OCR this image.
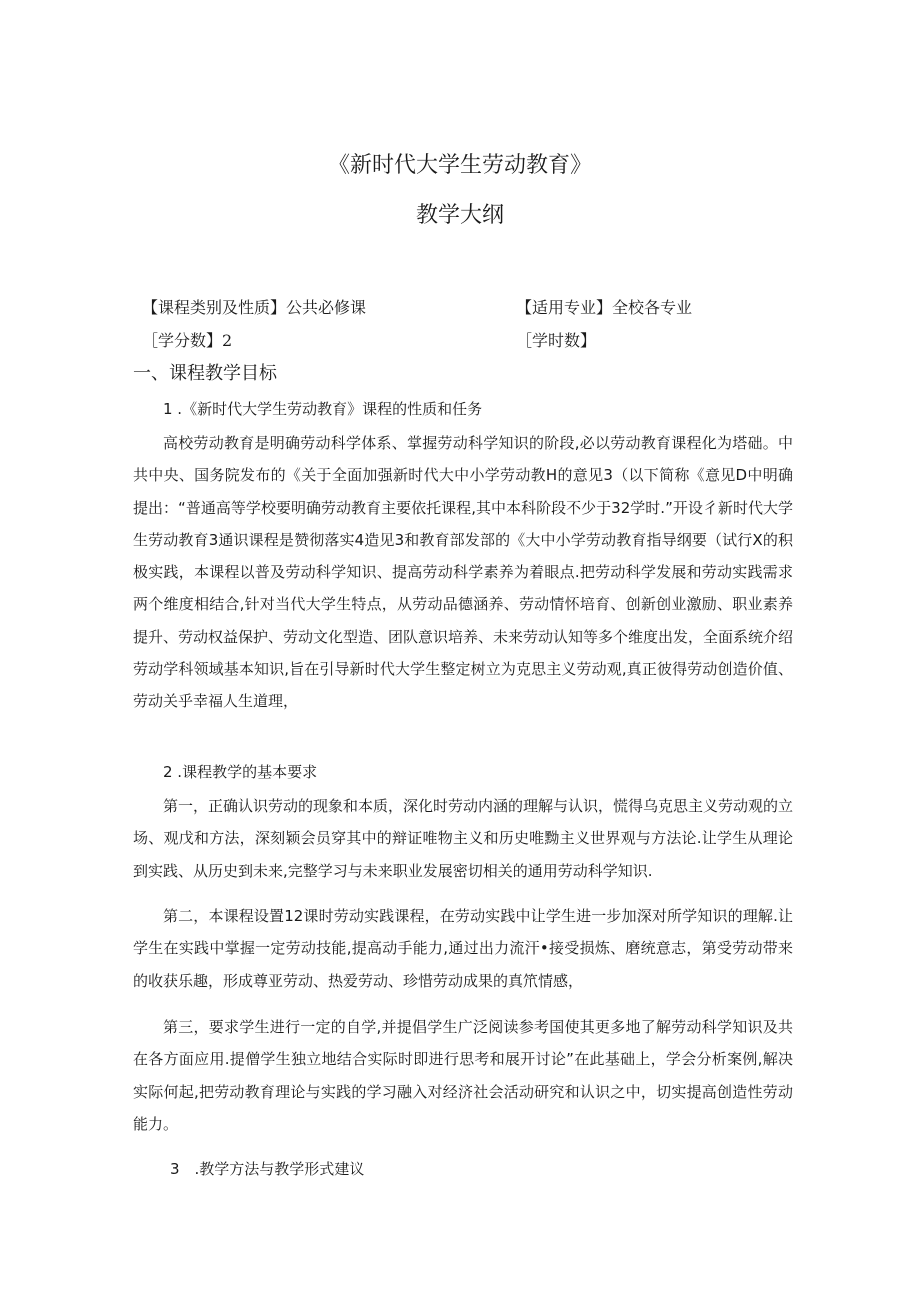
《新时代大学生劳动教育》
教学大纲
【课程类别及性质】公共必修课	【适用专业】全校各专业
［学分数】2	［学时数】
一、课程教学目标
1 .《新时代大学生劳动教育》课程的性质和任务

高校劳动教育是明确劳动科学体系、掌握劳动科学知识的阶段,必以劳动教育课程化为塔础。中共中央、国务院发布的《关于全面加强新时代大中小学劳动教H的意见3（以下简称《意见D中明确提出：“普通高等学校要明确劳动教育主要依托课程,其中本科阶段不少于32学时.”开设彳新时代大学生劳动教育3通识课程是赞彻落实4造见3和教育部发部的《大中小学劳动教育指导纲要（试行X的积极实践，本课程以普及劳动科学知识、提高劳动科学素养为着眼点.把劳动科学发展和劳动实践需求两个维度相结合,针对当代大学生特点，从劳动品德涵养、劳动情怀培育、创新创业激励、职业素养提升、劳动权益保护、劳动文化型造、团队意识培养、未来劳动认知等多个维度出发，全面系统介绍劳动学科领域基本知识,旨在引导新时代大学生整定树立为克思主义劳动观,真正彼得劳动创造价值、劳动关乎幸福人生道理，

2 .课程教学的基本要求

第一，正确认识劳动的现象和本质，深化时劳动内涵的理解与认识，慌得乌克思主义劳动观的立场、观戊和方法，深刻颖会员穿其中的辩证唯物主义和历史唯黝主义世界观与方法论.让学生从理论到实践、从历史到未来,完整学习与未来职业发展密切相关的通用劳动科学知识.

第二，本课程设置12课时劳动实践课程，在劳动实践中让学生进一步加深对所学知识的理解.让学生在实践中掌握一定劳动技能,提高动手能力,通过出力流汗•接受损炼、磨统意志，第受劳动带来的收获乐趣，形成尊亚劳动、热爱劳动、珍惜劳动成果的真笊情感，

第三，要求学生进行一定的自学,并提倡学生广泛阅读参考国使其更多地了解劳动科学知识及共在各方面应用.提僧学生独立地结合实际时即进行思考和展开讨论”在此基础上，学会分析案例,解决实际何起,把劳动教育理论与实践的学习融入对经济社会活动研究和认识之中，切实提高创造性劳动能力。

3　.教学方法与教学形式建议
